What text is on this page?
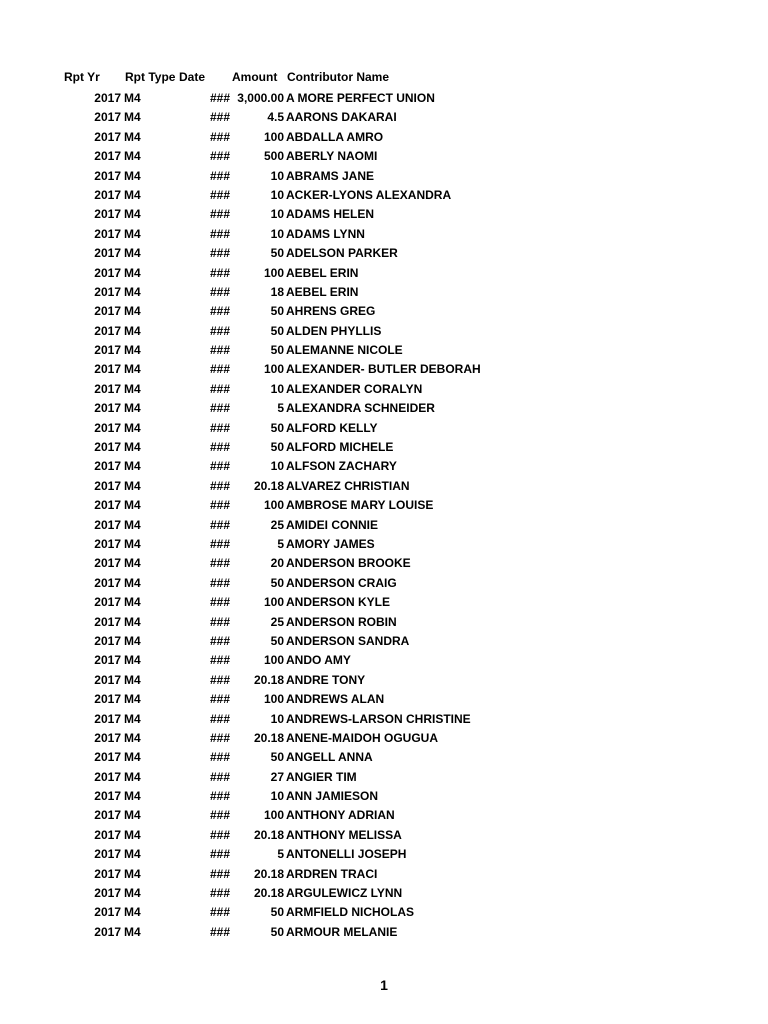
Rpt Yr Rpt Type Date Amount Contributor Name
2017 M4	### 3,000.00 A MORE PERFECT UNION
2017 M4	###	4.5 AARONS DAKARAI
2017 M4	###	100 ABDALLA AMRO
2017 M4	###	500 ABERLY NAOMI
2017 M4	###	10 ABRAMS JANE
2017 M4	###	10 ACKER-LYONS ALEXANDRA
2017 M4	###	10 ADAMS HELEN
2017 M4	###	10 ADAMS LYNN
2017 M4	###	50 ADELSON PARKER
2017 M4	###	100 AEBEL ERIN
2017 M4	###	18 AEBEL ERIN
2017 M4	###	50 AHRENS GREG
2017 M4	###	50 ALDEN PHYLLIS
2017 M4	###	50 ALEMANNE NICOLE
2017 M4	###	100 ALEXANDER- BUTLER DEBORAH
2017 M4	###	10 ALEXANDER CORALYN
2017 M4	###	5 ALEXANDRA SCHNEIDER
2017 M4	###	50 ALFORD KELLY
2017 M4	###	50 ALFORD MICHELE
2017 M4	###	10 ALFSON ZACHARY
2017 M4	###	20.18 ALVAREZ CHRISTIAN
2017 M4	###	100 AMBROSE MARY LOUISE
2017 M4	###	25 AMIDEI CONNIE
2017 M4	###	5 AMORY JAMES
2017 M4	###	20 ANDERSON BROOKE
2017 M4	###	50 ANDERSON CRAIG
2017 M4	###	100 ANDERSON KYLE
2017 M4	###	25 ANDERSON ROBIN
2017 M4	###	50 ANDERSON SANDRA
2017 M4	###	100 ANDO AMY
2017 M4	###	20.18 ANDRE TONY
2017 M4	###	100 ANDREWS ALAN
2017 M4	###	10 ANDREWS-LARSON CHRISTINE
2017 M4	###	20.18 ANENE-MAIDOH OGUGUA
2017 M4	###	50 ANGELL ANNA
2017 M4	###	27 ANGIER TIM
2017 M4	###	10 ANN JAMIESON
2017 M4	###	100 ANTHONY ADRIAN
2017 M4	###	20.18 ANTHONY MELISSA
2017 M4	###	5 ANTONELLI JOSEPH
2017 M4	###	20.18 ARDREN TRACI
2017 M4	###	20.18 ARGULEWICZ LYNN
2017 M4	###	50 ARMFIELD NICHOLAS
2017 M4	###	50 ARMOUR MELANIE
1
